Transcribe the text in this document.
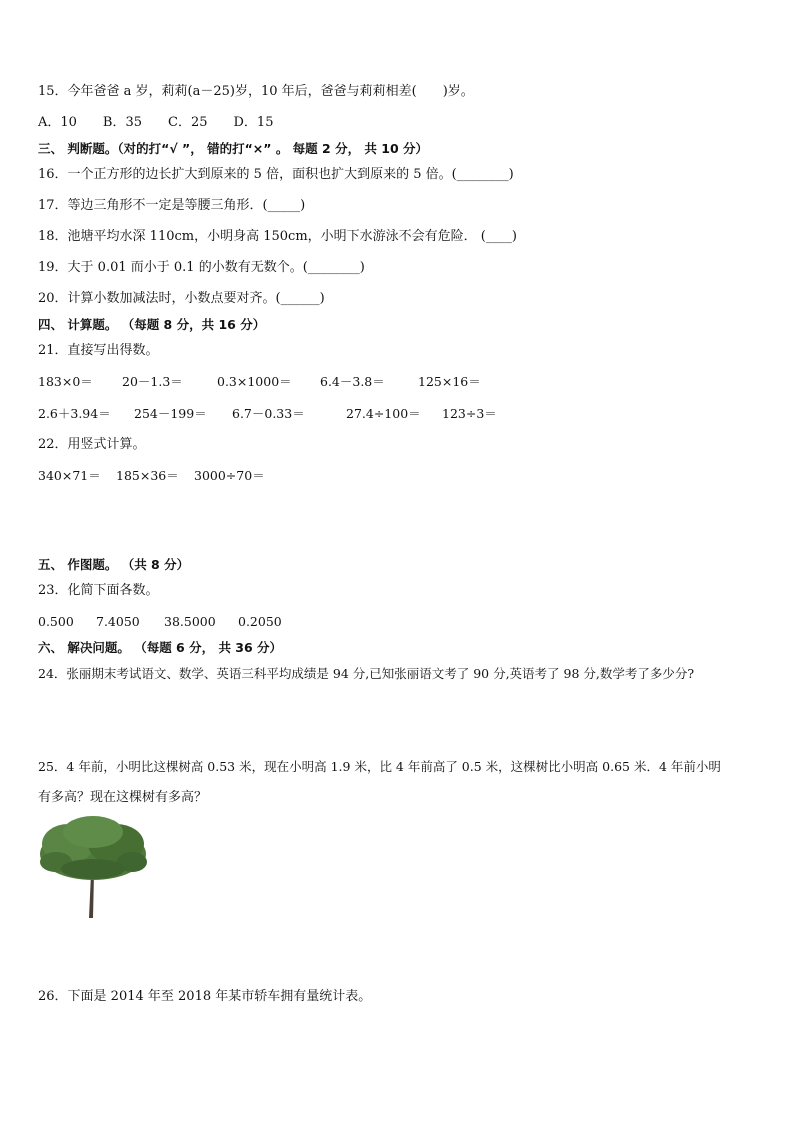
15．今年爸爸 a 岁，莉莉(a－25)岁，10 年后，爸爸与莉莉相差(　　)岁。
A．10　　B．35　　C．25　　D．15
三、 判断题。（对的打“√ ”， 错的打“×” 。 每题 2 分， 共 10 分）
16．一个正方形的边长扩大到原来的 5 倍，面积也扩大到原来的 5 倍。(________)
17．等边三角形不一定是等腰三角形．(_____)
18．池塘平均水深 110cm，小明身高 150cm，小明下水游泳不会有危险． (____)
19．大于 0.01 而小于 0.1 的小数有无数个。(________)
20．计算小数加减法时，小数点要对齐。(______)
四、 计算题。 （每题 8 分，共 16 分）
21．直接写出得数。
183×0＝ 20－1.3＝	0.3×1000＝ 6.4－3.8＝	125×16＝
2.6＋3.94＝ 254－199＝ 6.7－0.33＝	27.4÷100＝ 123÷3＝
22．用竖式计算。
340×71＝ 185×36＝ 3000÷70＝
五、 作图题。 （共 8 分）
23．化简下面各数。
0.500 7.4050 38.5000 0.2050
六、 解决问题。 （每题 6 分， 共 36 分）
24．张丽期末考试语文、数学、英语三科平均成绩是 94 分,已知张丽语文考了 90 分,英语考了 98 分,数学考了多少分?
25．4 年前，小明比这棵树高 0.53 米，现在小明高 1.9 米，比 4 年前高了 0.5 米，这棵树比小明高 0.65 米．4 年前小明
有多高？现在这棵树有多高？
26．下面是 2014 年至 2018 年某市轿车拥有量统计表。
